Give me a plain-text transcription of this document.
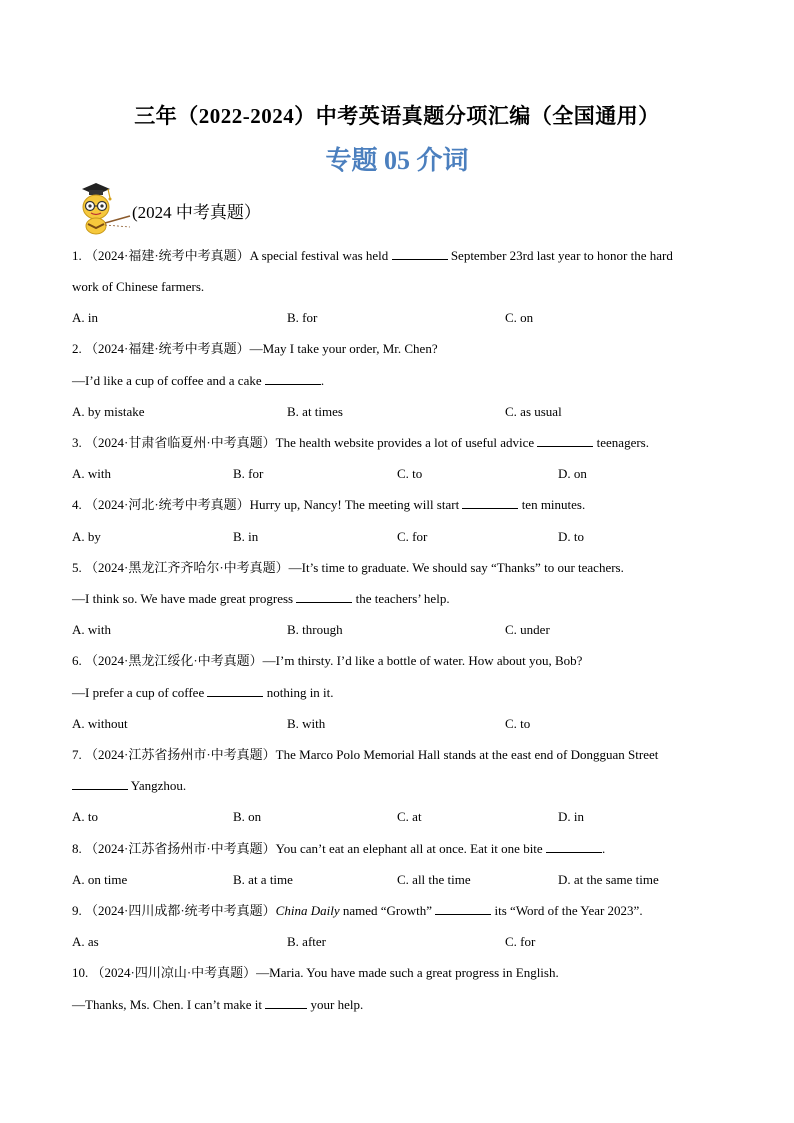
三年（2022-2024）中考英语真题分项汇编（全国通用）
专题 05 介词
(2024 中考真题）
1. （2024·福建·统考中考真题）A special festival was held	September 23rd last year to honor the hard
work of Chinese farmers.
A. in	B. for	C. on
2. （2024·福建·统考中考真题）—May I take your order, Mr. Chen?
—I’d like a cup of coffee and a cake	.
A. by mistake	B. at times	C. as usual
3. （2024·甘肃省临夏州·中考真题）The health website provides a lot of useful advice	teenagers.
A. with	B. for	C. to	D. on
4. （2024·河北·统考中考真题）Hurry up, Nancy! The meeting will start	ten minutes.
A. by	B. in	C. for	D. to
5. （2024·黑龙江齐齐哈尔·中考真题）—It’s time to graduate. We should say “Thanks” to our teachers.
—I think so. We have made great progress	the teachers’ help.
A. with	B. through	C. under
6. （2024·黑龙江绥化·中考真题）—I’m thirsty. I’d like a bottle of water. How about you, Bob?
—I prefer a cup of coffee	nothing in it.
A. without	B. with	C. to
7. （2024·江苏省扬州市·中考真题）The Marco Polo Memorial Hall stands at the east end of Dongguan Street
Yangzhou.
A. to	B. on	C. at	D. in
8. （2024·江苏省扬州市·中考真题）You can’t eat an elephant all at once. Eat it one bite	.
A. on time	B. at a time	C. all the time	D. at the same time
9. （2024·四川成都·统考中考真题）China Daily named “Growth”	its “Word of the Year 2023”.
A. as	B. after	C. for
10. （2024·四川凉山·中考真题）—Maria. You have made such a great progress in English.
—Thanks, Ms. Chen. I can’t make it	your help.
